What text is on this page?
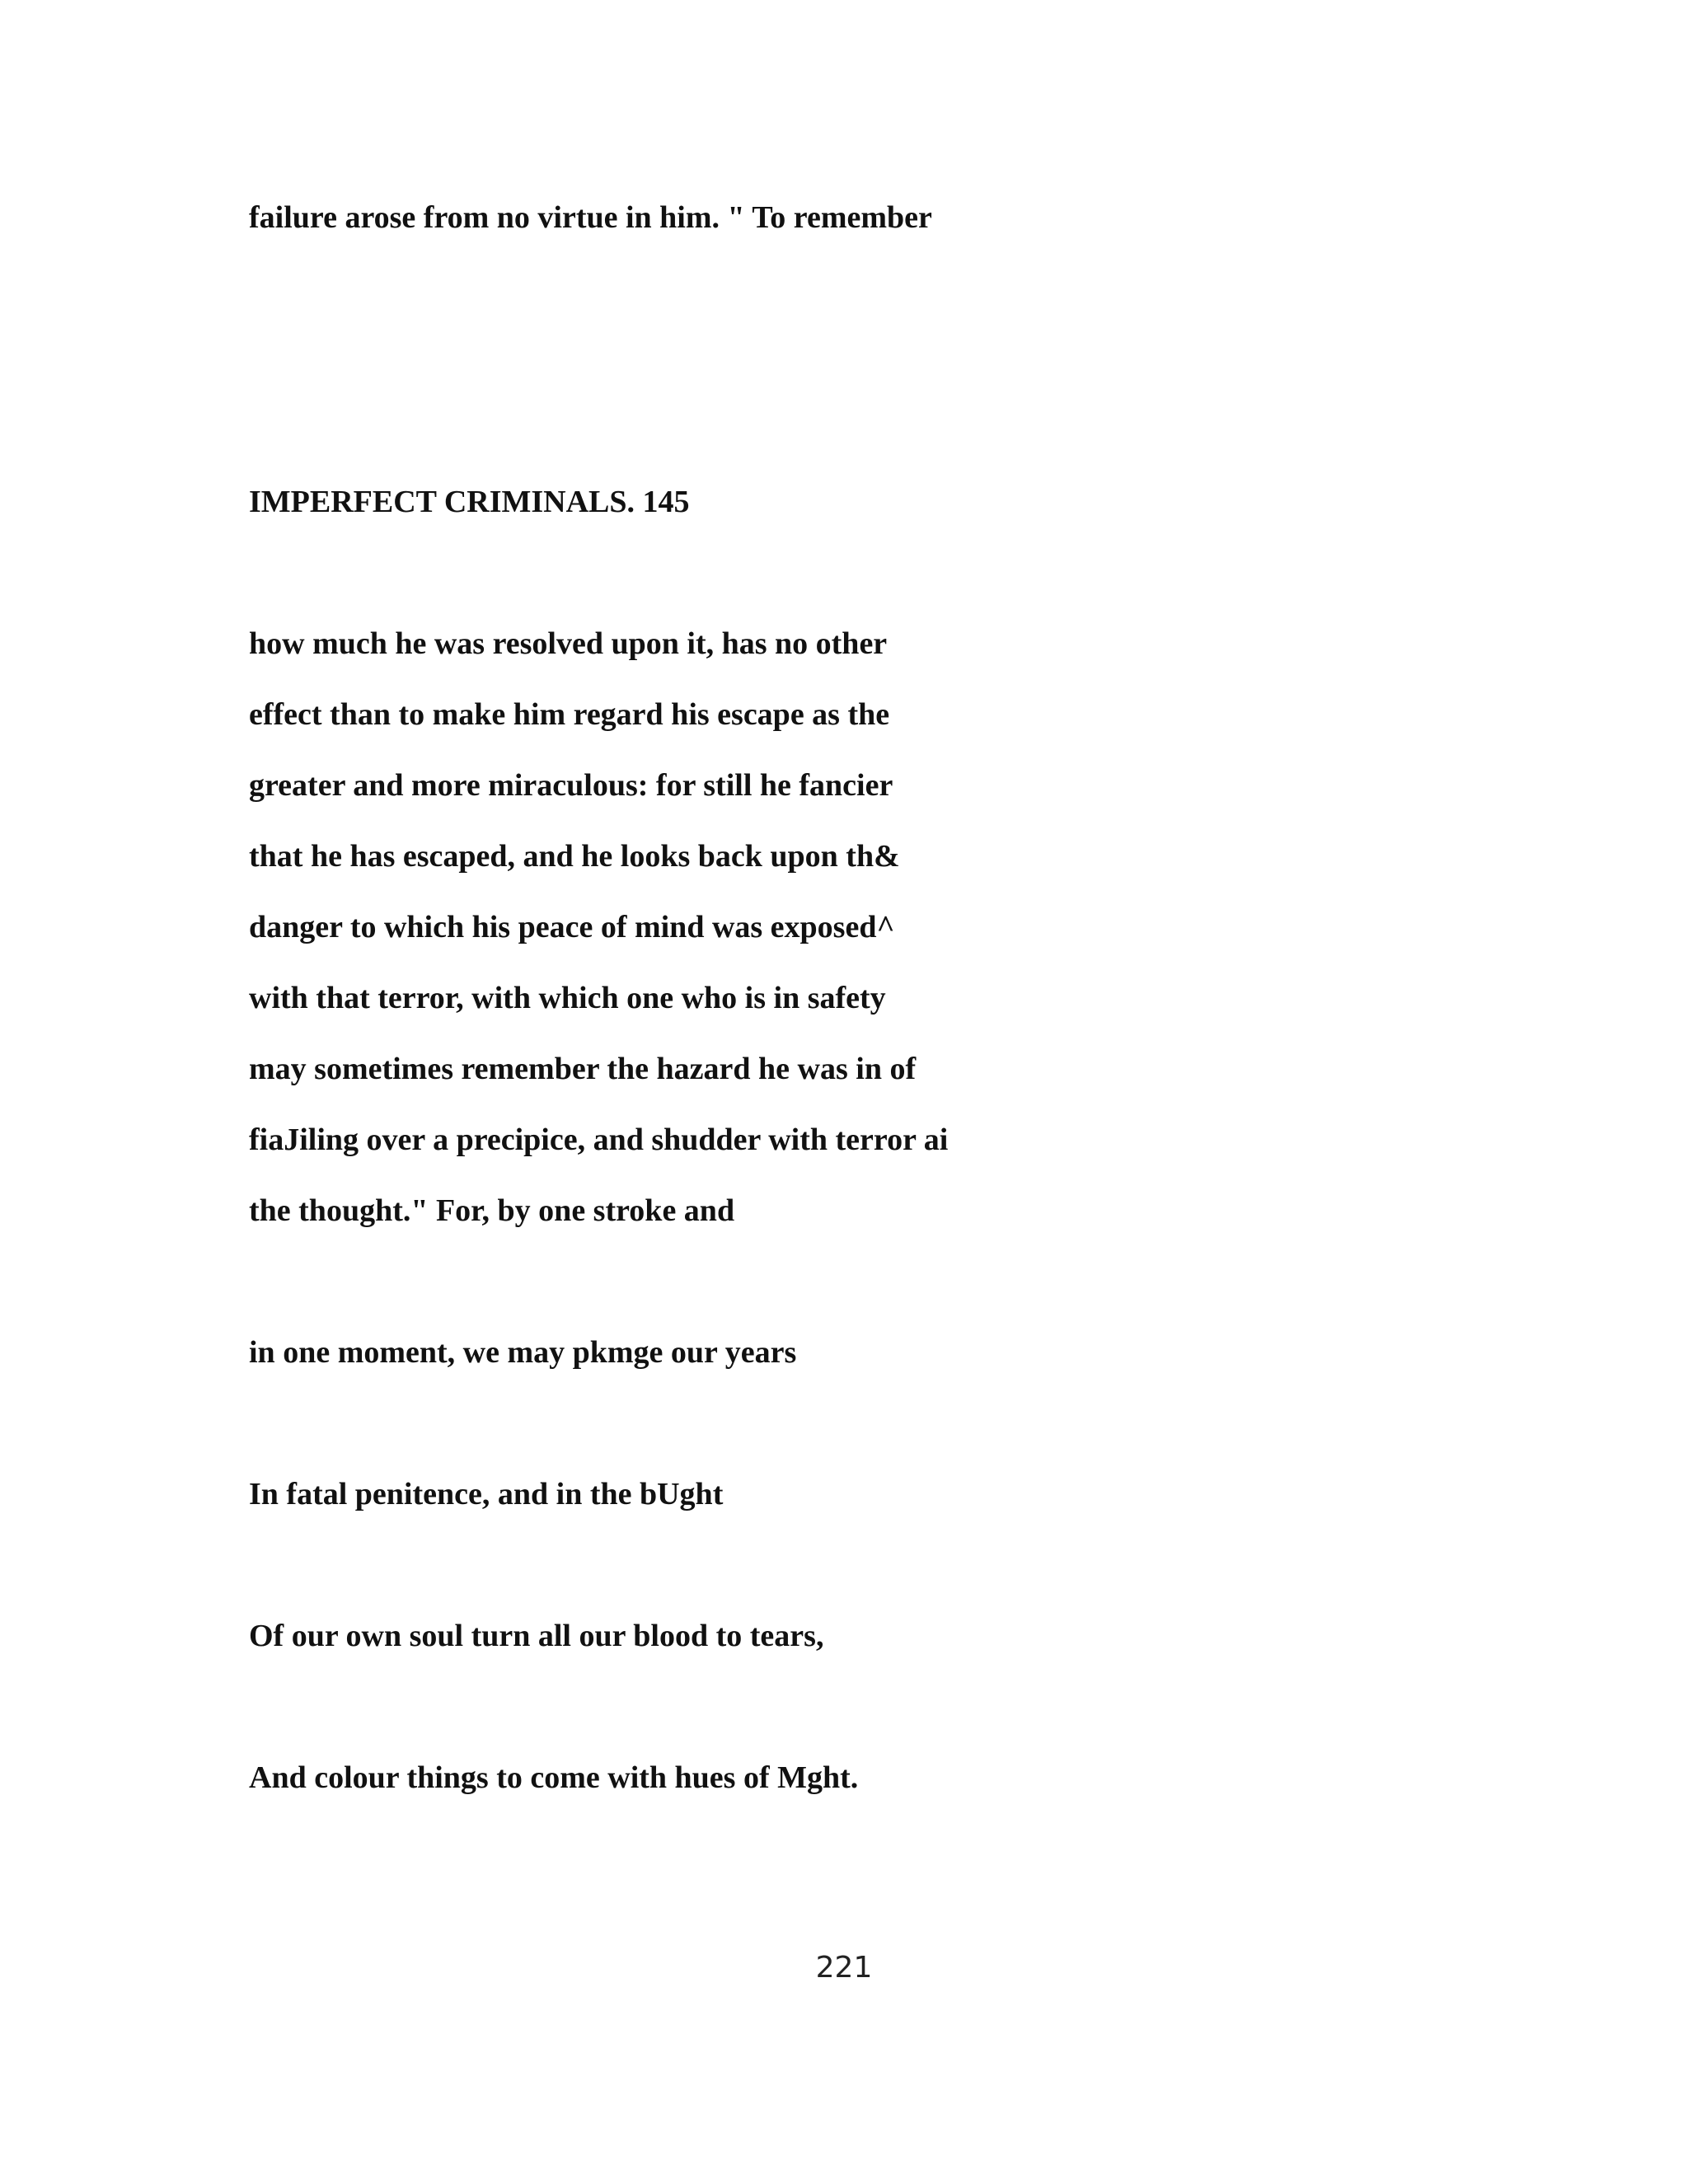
failure arose from no virtue in him. " To remember

IMPERFECT CRIMINALS. 145

how much he was resolved upon it, has no other

effect than to make him regard his escape as the

greater and more miraculous: for still he fancier

that he has escaped, and he looks back upon th&

danger to which his peace of mind was exposed^

with that terror, with which one who is in safety

may sometimes remember the hazard he was in of

fiaJiling over a precipice, and shudder with terror ai

the thought." For, by one stroke and

in one moment, we may pkmge our years

In fatal penitence, and in the bUght

Of our own soul turn all our blood to tears,

And colour things to come with hues of Mght.

221
